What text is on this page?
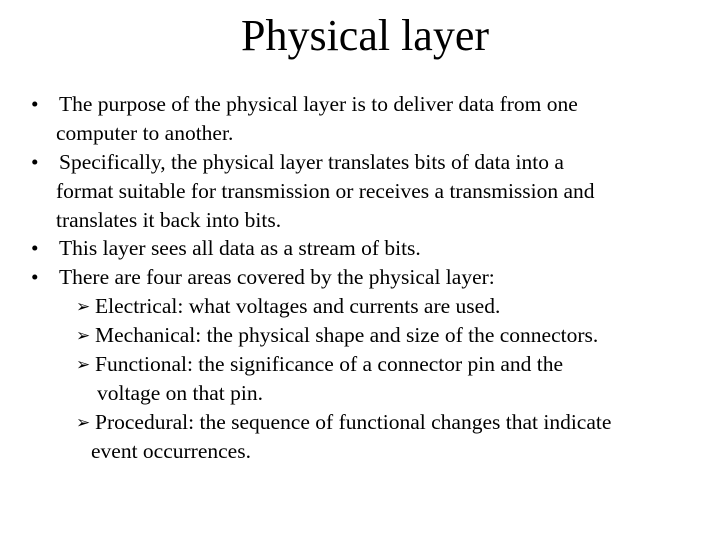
Physical layer
• The purpose of the physical layer is to deliver data from one
computer to another.
• Specifically, the physical layer translates bits of data into a
format suitable for transmission or receives a transmission and
translates it back into bits.
• This layer sees all data as a stream of bits.
• There are four areas covered by the physical layer:
➢ Electrical: what voltages and currents are used.
➢ Mechanical: the physical shape and size of the connectors.
➢ Functional: the significance of a connector pin and the
voltage on that pin.
➢ Procedural: the sequence of functional changes that indicate
event occurrences.
